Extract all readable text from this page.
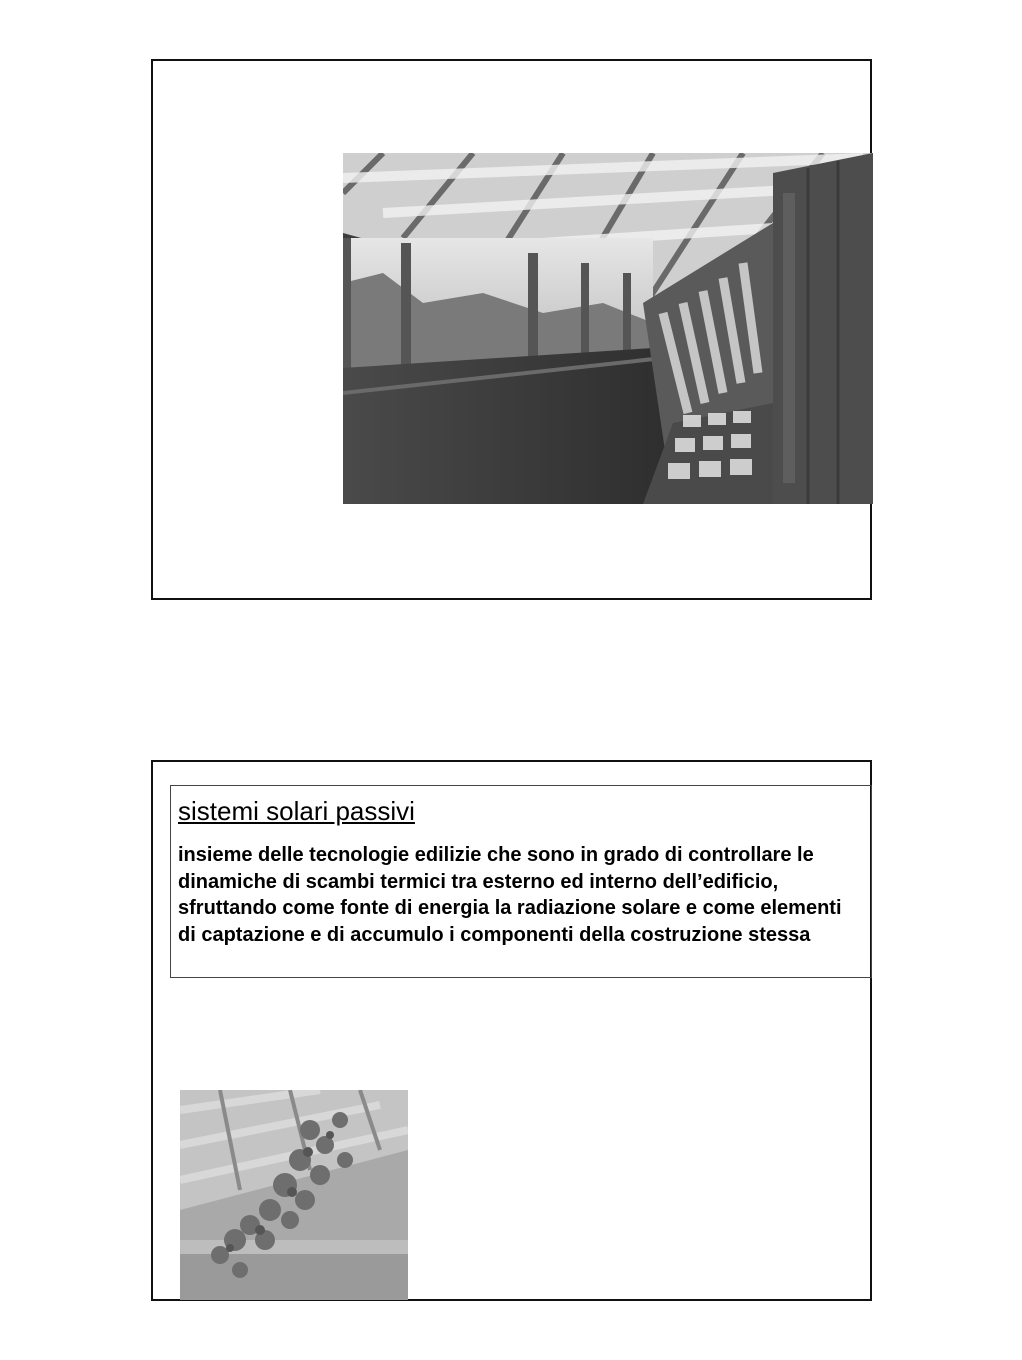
sistemi solari passivi

insieme delle tecnologie edilizie che sono in grado di controllare le dinamiche di scambi termici tra esterno ed interno dell’edificio, sfruttando come fonte di energia la radiazione solare e come elementi di captazione e di accumulo i componenti della costruzione stessa
